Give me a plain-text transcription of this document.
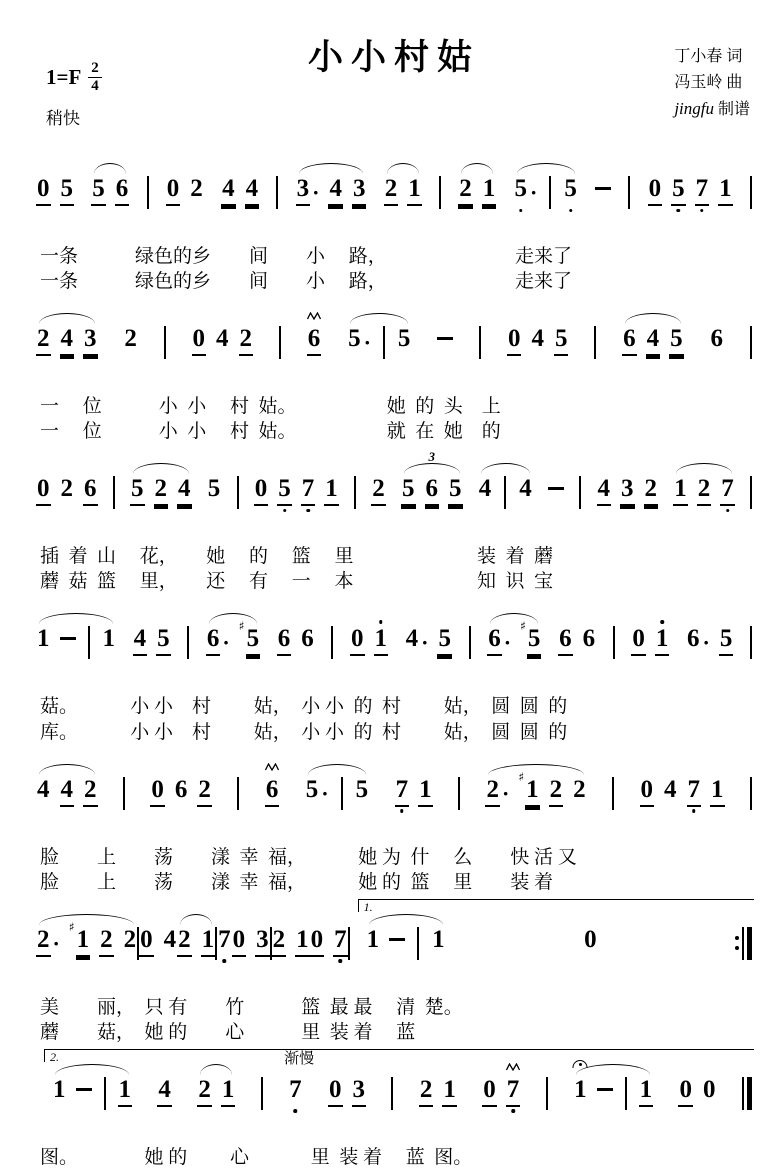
小小村姑
$1=F \frac{2}{4}$
稍快
丁小春 词
冯玉岭 曲
jingfu 制谱
0 5 5 6 0 2 4 4 3 · 4 3 2 1 2 1 5 · 5	0 5 7 1
一条　　　绿色的乡　　间　　小　 路，　　　　　　　 走来了
一条　　　绿色的乡　　间　　小　 路，　　　　　　　 走来了
2 4 3 2 0 4 2 6 5 · 5	0 4 5 6 4 5 6
一　 位　　　小  小　 村  姑。　　　　　 她  的  头　上
一　 位　　　小  小　 村  姑。　　　　　 就  在  她　的
0 2 6 5 2 4 5 0 5 7 1 2
3
5 6 5 4 4	4 3 2 1 2 7
插  着  山　 花，　　她　 的　 篮　 里　　　　　　  装  着  蘑
蘑  菇  篮　 里，　　还　 有　 一　 本　　　　　　  知  识  宝
1 1 4 5 6 ·
♯ 5 6 6 0 1 4 · 5 6 ·
♯ 5 6 6 0 1 6 · 5
菇。　　　 小 小　村　　 姑，　小 小  的  村　　 姑，　圆  圆  的
库。　　　 小 小　村　　 姑，　小 小  的  村　　 姑，　圆  圆  的
4 4 2 0 6 2 6 5 · 5 7 1 2 ·
♯ 1 2 2 0 4 7 1
脸　　上　　荡　　漾  幸  福，　　　 她 为  什　 么　　快 活 又
脸　　上　　荡　　漾  幸  福，　　　 她 的  篮　 里　　装 着
2 ·
♯ 1 2 2 0 4 2 1 7 0 3 2 1 0 7
1.
1 1	0
美　　丽，　只 有　　竹　　　篮  最 最　 清  楚。
蘑　　菇，　她 的　　心　　　里  装 着　 蓝
2.
1 1 4 2 1
渐慢
7 0 3 2 1 0 7 1 1 0 0
图。　　　　她 的　　 心　　　 里  装 着　 蓝  图。
